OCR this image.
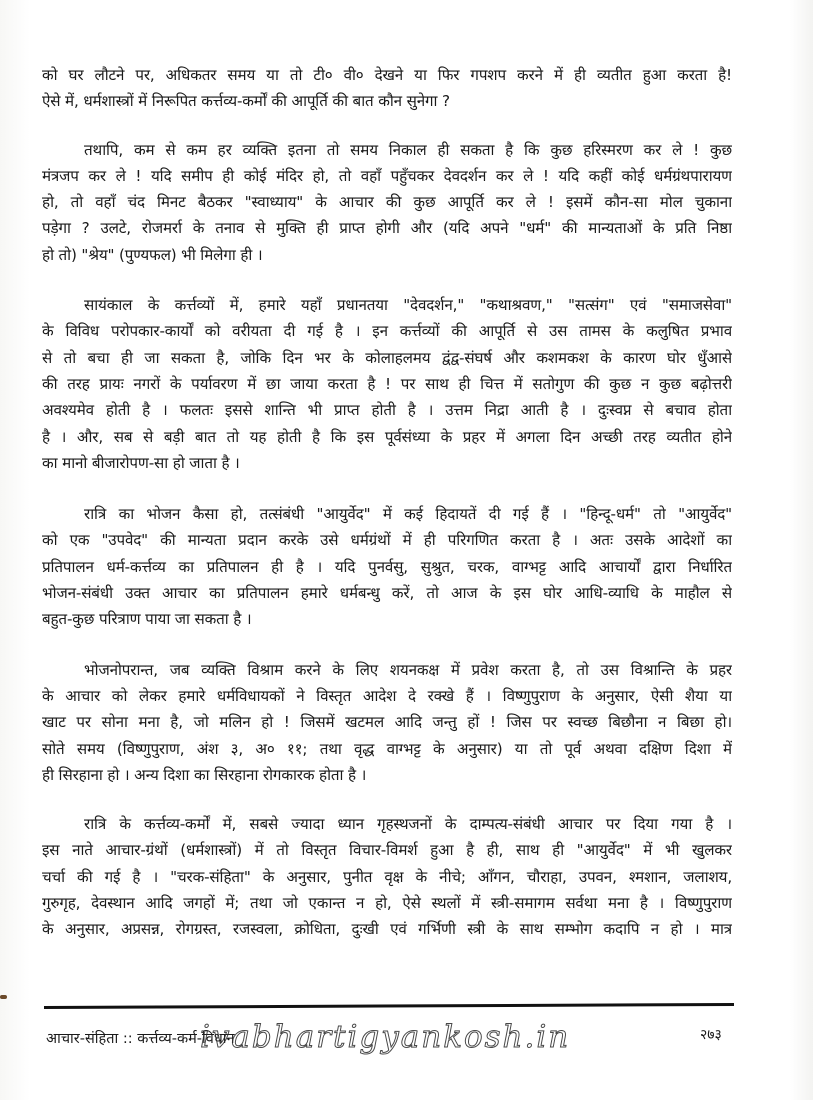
को घर लौटने पर, अधिकतर समय या तो टी० वी० देखने या फिर गपशप करने में ही व्यतीत हुआ करता है!
ऐसे में, धर्मशास्त्रों में निरूपित कर्त्तव्य-कर्मों की आपूर्ति की बात कौन सुनेगा ?
तथापि, कम से कम हर व्यक्ति इतना तो समय निकाल ही सकता है कि कुछ हरिस्मरण कर ले ! कुछ
मंत्रजप कर ले ! यदि समीप ही कोई मंदिर हो, तो वहाँ पहुँचकर देवदर्शन कर ले ! यदि कहीं कोई धर्मग्रंथपारायण
हो, तो वहाँ चंद मिनट बैठकर "स्वाध्याय" के आचार की कुछ आपूर्ति कर ले ! इसमें कौन-सा मोल चुकाना
पड़ेगा ? उलटे, रोजमर्रा के तनाव से मुक्ति ही प्राप्त होगी और (यदि अपने "धर्म" की मान्यताओं के प्रति निष्ठा
हो तो) "श्रेय" (पुण्यफल) भी मिलेगा ही ।
सायंकाल के कर्त्तव्यों में, हमारे यहाँ प्रधानतया "देवदर्शन," "कथाश्रवण," "सत्संग" एवं "समाजसेवा"
के विविध परोपकार-कार्यों को वरीयता दी गई है । इन कर्त्तव्यों की आपूर्ति से उस तामस के कलुषित प्रभाव
से तो बचा ही जा सकता है, जोकि दिन भर के कोलाहलमय द्वंद्व-संघर्ष और कशमकश के कारण घोर धुँआसे
की तरह प्रायः नगरों के पर्यावरण में छा जाया करता है ! पर साथ ही चित्त में सतोगुण की कुछ न कुछ बढ़ोत्तरी
अवश्यमेव होती है । फलतः इससे शान्ति भी प्राप्त होती है । उत्तम निद्रा आती है । दुःस्वप्न से बचाव होता
है । और, सब से बड़ी बात तो यह होती है कि इस पूर्वसंध्या के प्रहर में अगला दिन अच्छी तरह व्यतीत होने
का मानो बीजारोपण-सा हो जाता है ।
रात्रि का भोजन कैसा हो, तत्संबंधी "आयुर्वेद" में कई हिदायतें दी गई हैं । "हिन्दू-धर्म" तो "आयुर्वेद"
को एक "उपवेद" की मान्यता प्रदान करके उसे धर्मग्रंथों में ही परिगणित करता है । अतः उसके आदेशों का
प्रतिपालन धर्म-कर्त्तव्य का प्रतिपालन ही है । यदि पुनर्वसु, सुश्रुत, चरक, वाग्भट्ट आदि आचार्यों द्वारा निर्धारित
भोजन-संबंधी उक्त आचार का प्रतिपालन हमारे धर्मबन्धु करें, तो आज के इस घोर आधि-व्याधि के माहौल से
बहुत-कुछ परित्राण पाया जा सकता है ।
भोजनोपरान्त, जब व्यक्ति विश्राम करने के लिए शयनकक्ष में प्रवेश करता है, तो उस विश्रान्ति के प्रहर
के आचार को लेकर हमारे धर्मविधायकों ने विस्तृत आदेश दे रक्खे हैं । विष्णुपुराण के अनुसार, ऐसी शैया या
खाट पर सोना मना है, जो मलिन हो ! जिसमें खटमल आदि जन्तु हों ! जिस पर स्वच्छ बिछौना न बिछा हो।
सोते समय (विष्णुपुराण, अंश ३, अ० ११; तथा वृद्ध वाग्भट्ट के अनुसार) या तो पूर्व अथवा दक्षिण दिशा में
ही सिरहाना हो । अन्य दिशा का सिरहाना रोगकारक होता है ।
रात्रि के कर्त्तव्य-कर्मों में, सबसे ज्यादा ध्यान गृहस्थजनों के दाम्पत्य-संबंधी आचार पर दिया गया है ।
इस नाते आचार-ग्रंथों (धर्मशास्त्रों) में तो विस्तृत विचार-विमर्श हुआ है ही, साथ ही "आयुर्वेद" में भी खुलकर
चर्चा की गई है । "चरक-संहिता" के अनुसार, पुनीत वृक्ष के नीचे; आँगन, चौराहा, उपवन, श्मशान, जलाशय,
गुरुगृह, देवस्थान आदि जगहों में; तथा जो एकान्त न हो, ऐसे स्थलों में स्त्री-समागम सर्वथा मना है । विष्णुपुराण
के अनुसार, अप्रसन्न, रोगग्रस्त, रजस्वला, क्रोधिता, दुःखी एवं गर्भिणी स्त्री के साथ सम्भोग कदापि न हो । मात्र
आचार-संहिता :: कर्त्तव्य-कर्म-विधान
ivabhartigyankosh.in	२७३
